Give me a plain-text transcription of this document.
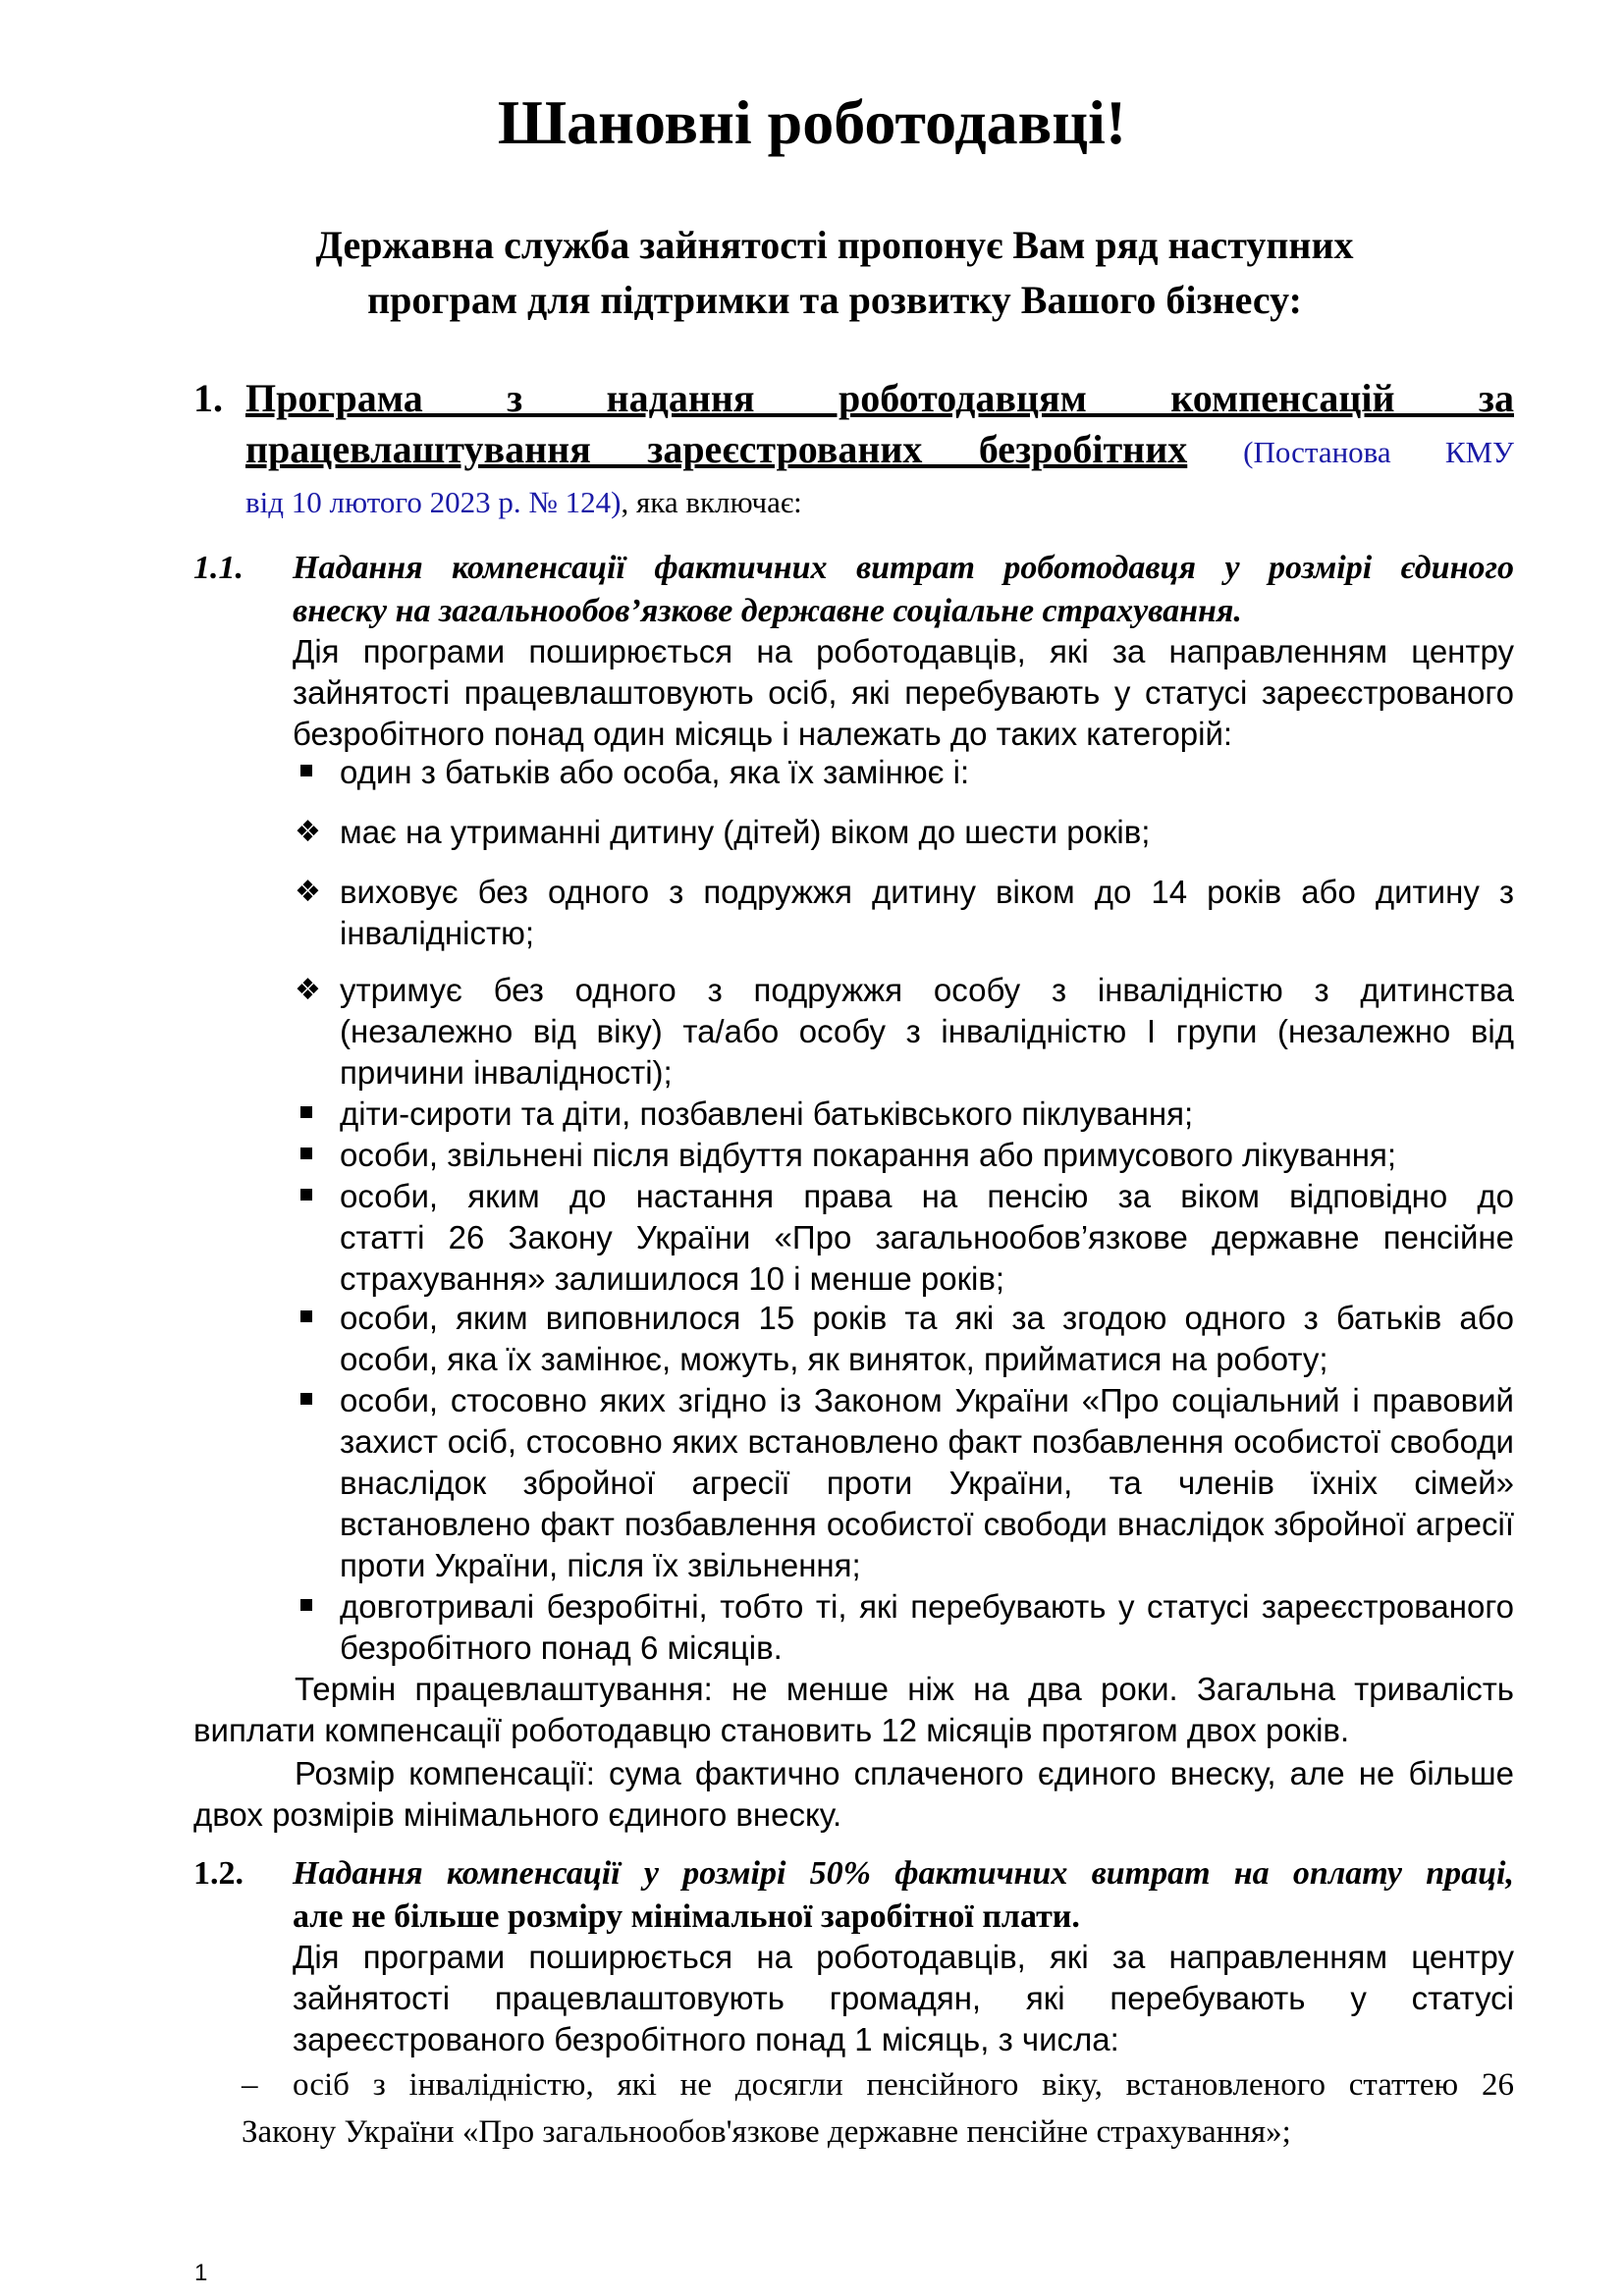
Шановні роботодавці!
Державна служба зайнятості пропонує Вам ряд наступних
програм для підтримки та розвитку Вашого бізнесу:
1. Програма з надання роботодавцям компенсацій за
працевлаштування зареєстрованих безробітних (Постанова КМУ
від 10 лютого 2023 р. № 124), яка включає:
1.1. Надання компенсації фактичних витрат роботодавця у розмірі єдиного
внеску на загальнообов’язкове державне соціальне страхування.
Дія програми поширюється на роботодавців, які за направленням центру
зайнятості працевлаштовують осіб, які перебувають у статусі зареєстрованого
безробітного понад один місяць і належать до таких категорій:
один з батьків або особа, яка їх замінює і:
❖ має на утриманні дитину (дітей) віком до шести років;
❖ виховує без одного з подружжя дитину віком до 14 років або дитину з
інвалідністю;
❖ утримує без одного з подружжя особу з інвалідністю з дитинства
(незалежно від віку) та/або особу з інвалідністю I групи (незалежно від
причини інвалідності);
діти-сироти та діти, позбавлені батьківського піклування;
особи, звільнені після відбуття покарання або примусового лікування;
особи, яким до настання права на пенсію за віком відповідно до
статті 26 Закону України «Про загальнообов’язкове державне пенсійне
страхування» залишилося 10 і менше років;
особи, яким виповнилося 15 років та які за згодою одного з батьків або
особи, яка їх замінює, можуть, як виняток, прийматися на роботу;
особи, стосовно яких згідно із Законом України «Про соціальний і правовий
захист осіб, стосовно яких встановлено факт позбавлення особистої свободи
внаслідок збройної агресії проти України, та членів їхніх сімей»
встановлено факт позбавлення особистої свободи внаслідок збройної агресії
проти України, після їх звільнення;
довготривалі безробітні, тобто ті, які перебувають у статусі зареєстрованого
безробітного понад 6 місяців.
Термін працевлаштування: не менше ніж на два роки. Загальна тривалість
виплати компенсації роботодавцю становить 12 місяців протягом двох років.
Розмір компенсації: сума фактично сплаченого єдиного внеску, але не більше
двох розмірів мінімального єдиного внеску.
1.2. Надання компенсації у розмірі 50% фактичних витрат на оплату праці,
але не більше розміру мінімальної заробітної плати.
Дія програми поширюється на роботодавців, які за направленням центру
зайнятості працевлаштовують громадян, які перебувають у статусі
зареєстрованого безробітного понад 1 місяць, з числа:
– осіб з інвалідністю, які не досягли пенсійного віку, встановленого статтею 26
Закону України «Про загальнообов'язкове державне пенсійне страхування»;
1
